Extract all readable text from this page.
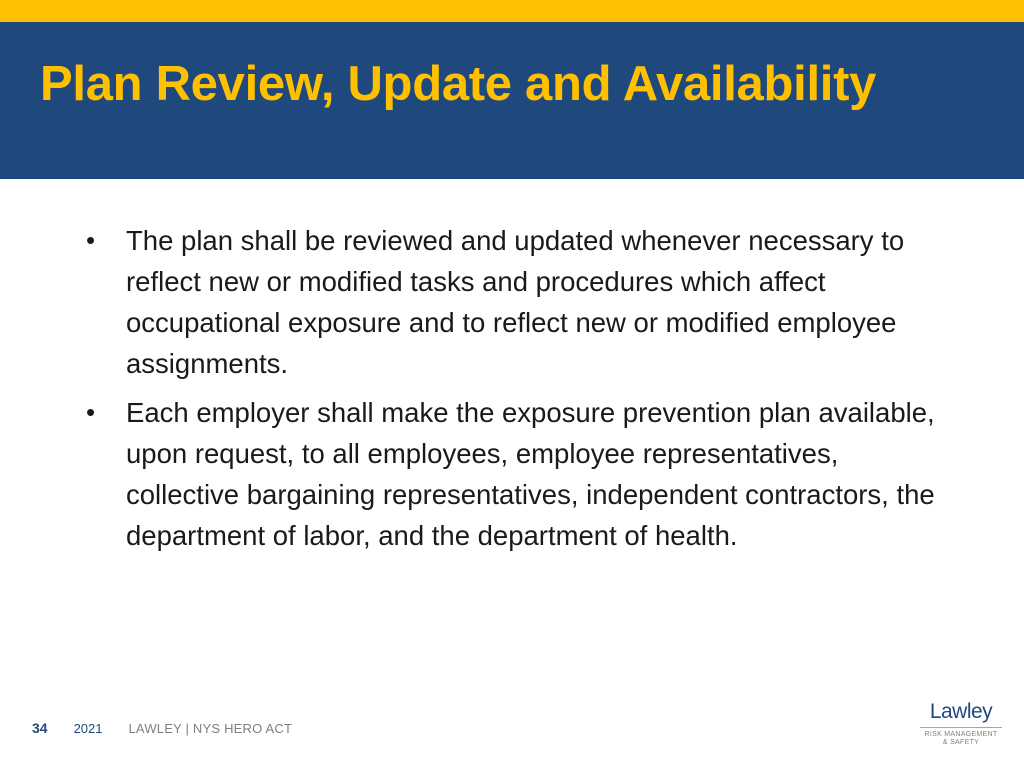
Plan Review, Update and Availability
• The plan shall be reviewed and updated whenever necessary to reflect new or modified tasks and procedures which affect occupational exposure and to reflect new or modified employee assignments.
• Each employer shall make the exposure prevention plan available, upon request, to all employees, employee representatives, collective bargaining representatives, independent contractors, the department of labor, and the department of health.
34 2021 LAWLEY | NYS HERO ACT
Lawley
RISK MANAGEMENT
& SAFETY
